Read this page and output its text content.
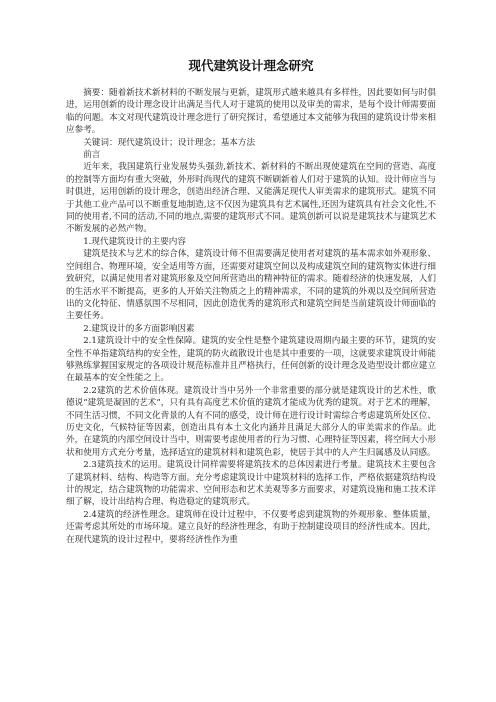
现代建筑设计理念研究

摘要：随着新技术新材料的不断发展与更新，建筑形式越来越具有多样性，因此要如何与时俱进，运用创新的设计理念设计出满足当代人对于建筑的使用以及审美的需求，是每个设计师需要面临的问题。本文对现代建筑设计理念进行了研究探讨，希望通过本文能够为我国的建筑设计带来相应参考。

关键词：现代建筑设计；设计理念；基本方法

前言

近年来，我国建筑行业发展势头强劲,新技术、新材料的不断出现使建筑在空间的营造、高度的控制等方面均有重大突破，外形时尚现代的建筑不断刷新着人们对于建筑的认知。设计师应当与时俱进，运用创新的设计理念，创造出经济合理、又能满足现代人审美需求的建筑形式。建筑不同于其他工业产品可以不断重复地制造,这不仅因为建筑具有艺术属性,还因为建筑具有社会文化性,不同的使用者,不同的活动,不同的地点,需要的建筑形式不同。建筑创新可以说是建筑技术与建筑艺术不断发展的必然产物。

1.现代建筑设计的主要内容

建筑是技术与艺术的综合体，建筑设计师不但需要满足使用者对建筑的基本需求如外观形象、空间组合、物理环境，安全适用等方面，还需要对建筑空间以及构成建筑空间的建筑物实体进行细致研究，以满足使用者对建筑形象及空间所营造出的精神特征的需求。随着经济的快速发展，人们的生活水平不断提高，更多的人开始关注物质之上的精神需求，不同的建筑的外观以及空间所营造出的文化特征、情感氛围不尽相同，因此创造优秀的建筑形式和建筑空间是当前建筑设计师面临的主要任务。

2.建筑设计的多方面影响因素

2.1建筑设计中的安全性保障。建筑的安全性是整个建筑建设周期内最主要的环节，建筑的安全性不单指建筑结构的安全性，建筑的防火疏散设计也是其中重要的一项，这就要求建筑设计师能够熟练掌握国家规定的各项设计规范标准并且严格执行，任何创新的设计理念及造型设计都应建立在最基本的安全性能之上。

2.2建筑的艺术价值体现。建筑设计当中另外一个非常重要的部分就是建筑设计的艺术性，歌德说“建筑是凝固的艺术”，只有具有高度艺术价值的建筑才能成为优秀的建筑。对于艺术的理解，不同生活习惯，不同文化背景的人有不同的感受，设计师在进行设计时需综合考虑建筑所处区位、历史文化，气候特征等因素，创造出具有本土文化内涵并且满足大部分人的审美需求的作品。此外，在建筑的内部空间设计当中，则需要考虑使用者的行为习惯、心理特征等因素，将空间大小形状和使用方式充分考量，选择适宜的建筑材料和建筑色彩，使居于其中的人产生归属感及认同感。

2.3建筑技术的运用。建筑设计同样需要将建筑技术的总体因素进行考量。建筑技术主要包含了建筑材料、结构、构造等方面。充分考虑建筑设计中建筑材料的选择工作，严格依据建筑结构设计的规定，结合建筑物的功能需求、空间形态和艺术美观等多方面要求，对建筑设施和施工技术详细了解，设计出结构合理、构造稳定的建筑形式。

2.4建筑的经济性理念。建筑师在设计过程中，不仅要考虑到建筑物的外观形象、整体质量，还需考虑其所处的市场环境。建立良好的经济性理念，有助于控制建设项目的经济性成本。因此，在现代建筑的设计过程中，要将经济性作为重
